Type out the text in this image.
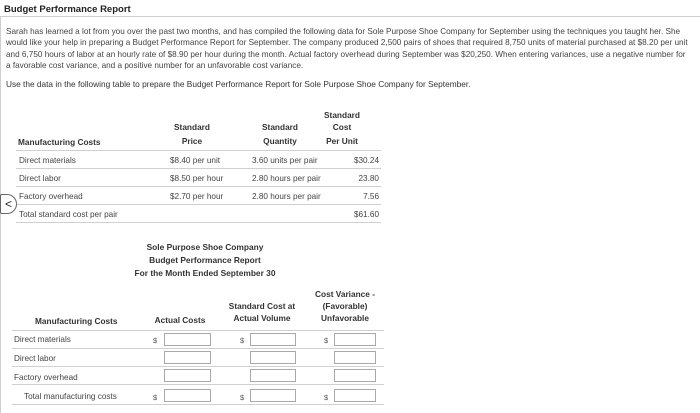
Budget Performance Report
Sarah has learned a lot from you over the past two months, and has compiled the following data for Sole Purpose Shoe Company for September using the techniques you taught her. She would like your help in preparing a Budget Performance Report for September. The company produced 2,500 pairs of shoes that required 8,750 units of material purchased at $8.20 per unit and 6,750 hours of labor at an hourly rate of $8.90 per hour during the month. Actual factory overhead during September was $20,250. When entering variances, use a negative number for a favorable cost variance, and a positive number for an unfavorable cost variance.
Use the data in the following table to prepare the Budget Performance Report for Sole Purpose Shoe Company for September.
Standard
Standard	Standard	Cost
Manufacturing Costs	Price	Quantity	Per Unit
Direct materials	$8.40 per unit	3.60 units per pair	$30.24
Direct labor	$8.50 per hour	2.80 hours per pair	23.80
Factory overhead	$2.70 per hour	2.80 hours per pair	7.56
Total standard cost per pair	$61.60
<
Sole Purpose Shoe Company
Budget Performance Report
For the Month Ended September 30
Cost Variance -
Standard Cost at	(Favorable)
Manufacturing Costs	Actual Costs	Actual Volume	Unfavorable
Direct materials	$	$	$
Direct labor
Factory overhead
Total manufacturing costs	$	$	$
